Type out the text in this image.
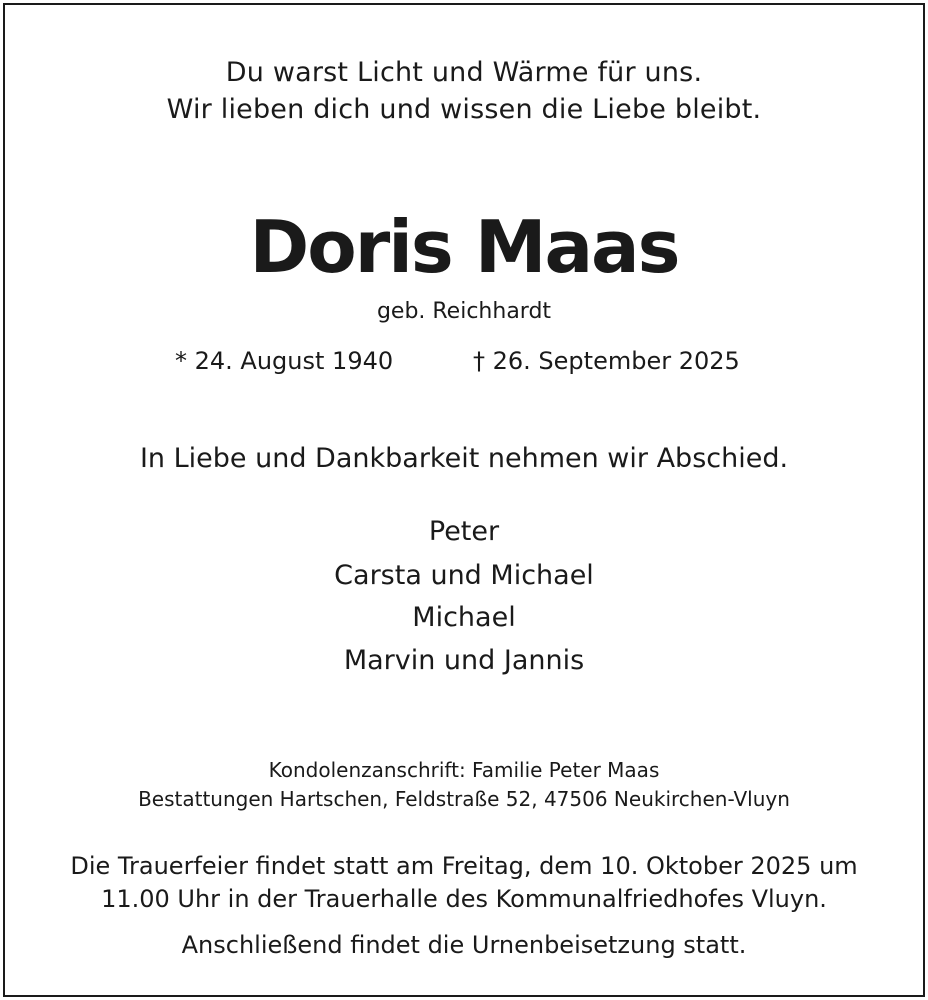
Du warst Licht und Wärme für uns.
Wir lieben dich und wissen die Liebe bleibt.
Doris Maas
geb. Reichhardt
* 24. August 1940	† 26. September 2025
In Liebe und Dankbarkeit nehmen wir Abschied.
Peter
Carsta und Michael
Michael
Marvin und Jannis
Kondolenzanschrift: Familie Peter Maas
Bestattungen Hartschen, Feldstraße 52, 47506 Neukirchen-Vluyn
Die Trauerfeier findet statt am Freitag, dem 10. Oktober 2025 um
11.00 Uhr in der Trauerhalle des Kommunalfriedhofes Vluyn.
Anschließend findet die Urnenbeisetzung statt.
